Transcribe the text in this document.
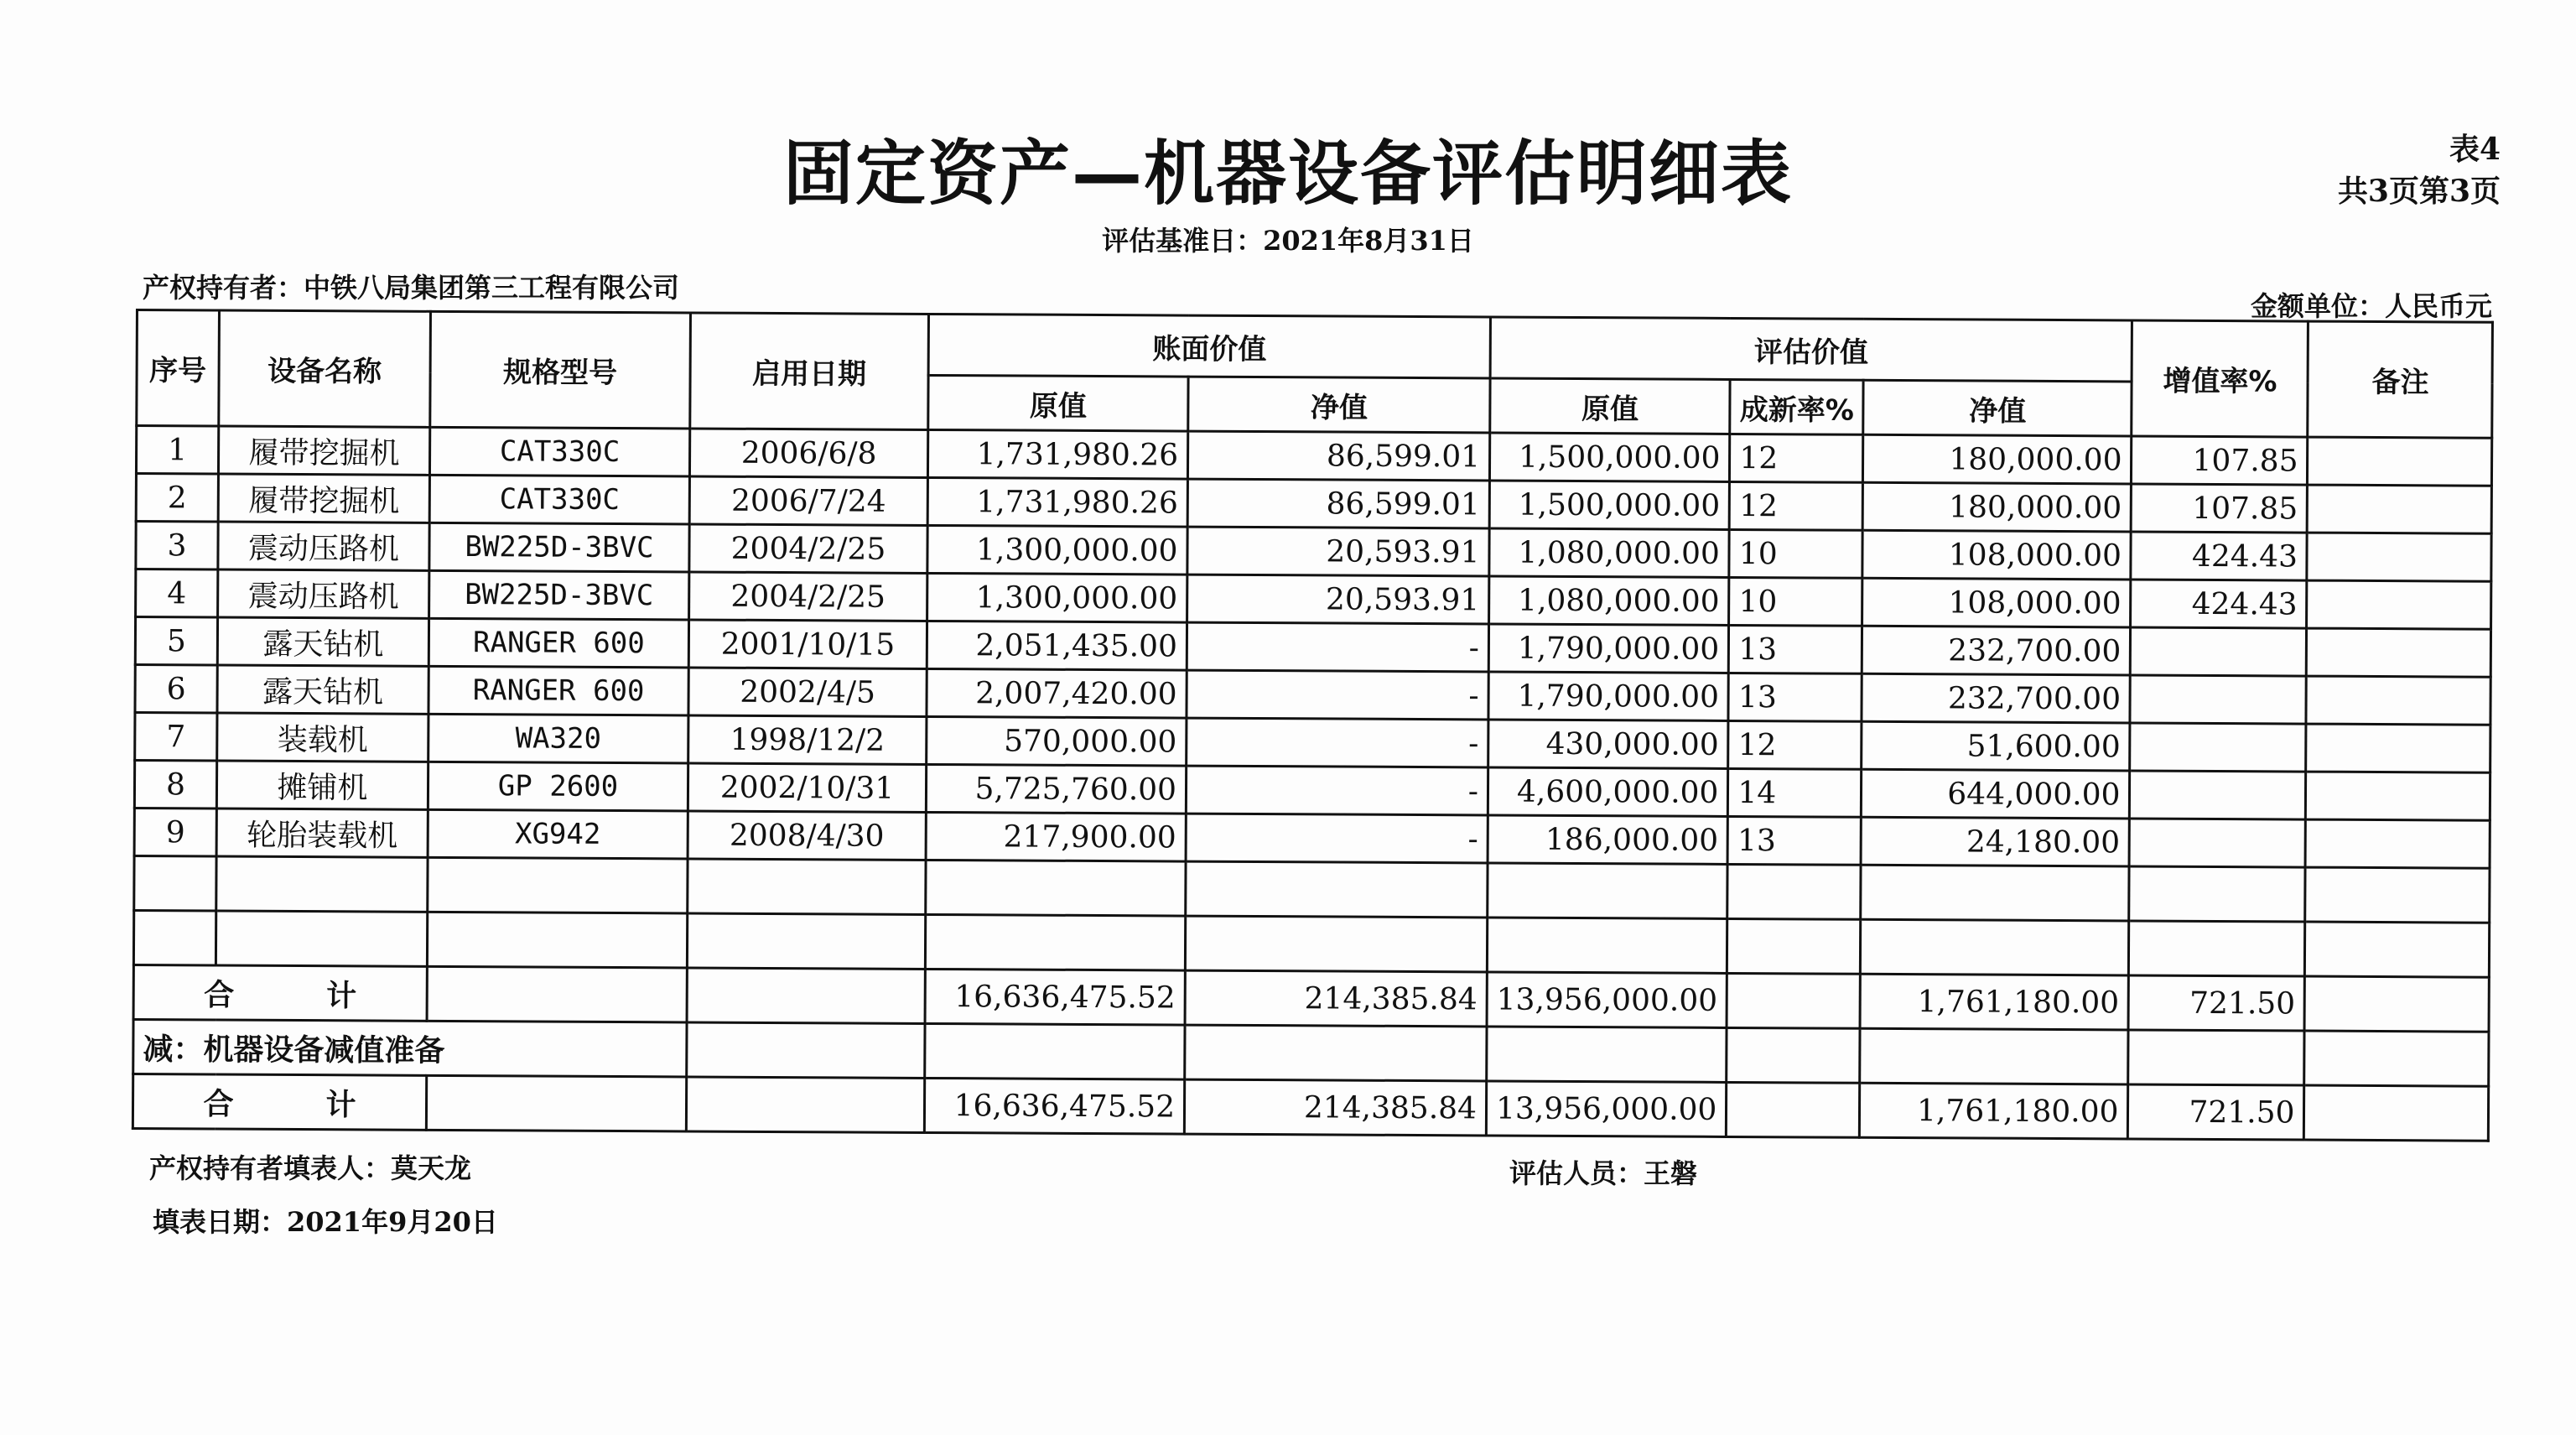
固定资产—机器设备评估明细表	表4
共3页第3页
评估基准日：2021年8月31日
产权持有者：中铁八局集团第三工程有限公司
金额单位：人民币元
序号	设备名称	规格型号	启用日期	账面价值		评估价值			增值率%	备注
				原值	净值	原值	成新率%	净值		
1	履带挖掘机	CAT330C	2006/6/8	1,731,980.26	86,599.01	1,500,000.00	12	180,000.00	107.85	
2	履带挖掘机	CAT330C	2006/7/24	1,731,980.26	86,599.01	1,500,000.00	12	180,000.00	107.85	
3	震动压路机	BW225D-3BVC	2004/2/25	1,300,000.00	20,593.91	1,080,000.00	10	108,000.00	424.43	
4	震动压路机	BW225D-3BVC	2004/2/25	1,300,000.00	20,593.91	1,080,000.00	10	108,000.00	424.43	
5	露天钻机	RANGER 600	2001/10/15	2,051,435.00	-	1,790,000.00	13	232,700.00		
6	露天钻机	RANGER 600	2002/4/5	2,007,420.00	-	1,790,000.00	13	232,700.00		
7	装载机	WA320	1998/12/2	570,000.00	-	430,000.00	12	51,600.00		
8	摊铺机	GP 2600	2002/10/31	5,725,760.00	-	4,600,000.00	14	644,000.00		
9	轮胎装载机	XG942	2008/4/30	217,900.00	-	186,000.00	13	24,180.00		

合 计				16,636,475.52	214,385.84	13,956,000.00		1,761,180.00	721.50	
减：机器设备减值准备										
合 计				16,636,475.52	214,385.84	13,956,000.00		1,761,180.00	721.50	
产权持有者填表人：莫天龙	评估人员：王磐
填表日期：2021年9月20日
